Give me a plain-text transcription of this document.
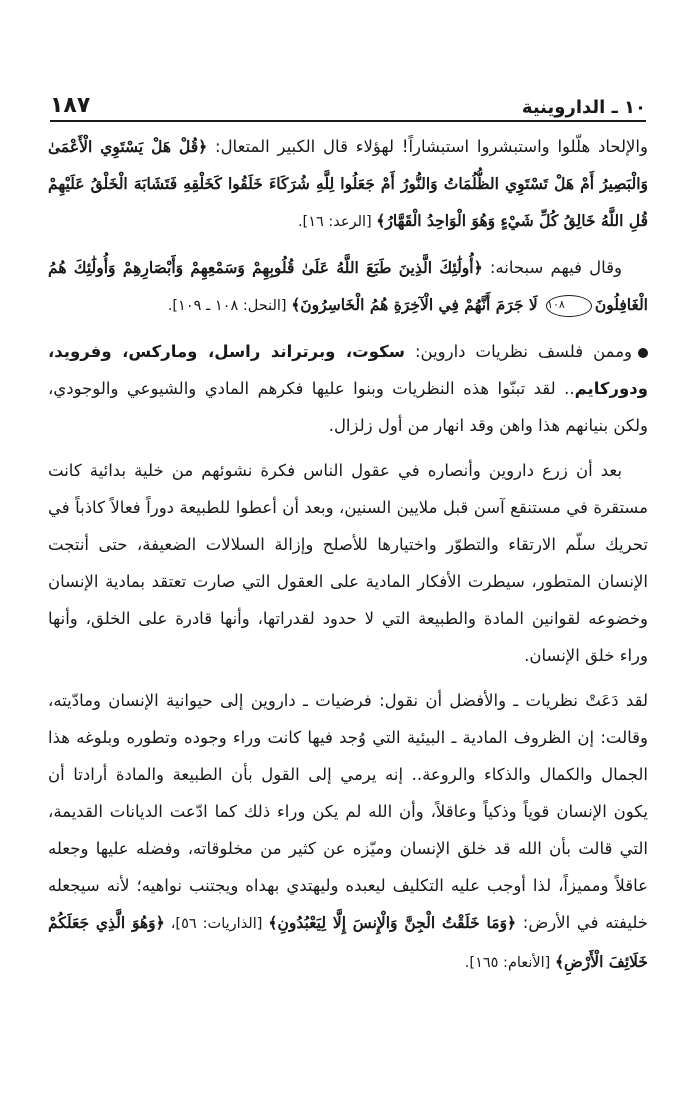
١٠ ـ الداروينية
١٨٧

والإلحاد هلّلوا واستبشروا استبشاراً! لهؤلاء قال الكبير المتعال: ﴿قُلْ هَلْ يَسْتَوِي الْأَعْمَىٰ وَالْبَصِيرُ أَمْ هَلْ تَسْتَوِي الظُّلُمَاتُ وَالنُّورُ أَمْ جَعَلُوا لِلَّهِ شُرَكَاءَ خَلَقُوا كَخَلْقِهِ فَتَشَابَهَ الْخَلْقُ عَلَيْهِمْ قُلِ اللَّهُ خَالِقُ كُلِّ شَيْءٍ وَهُوَ الْوَاحِدُ الْقَهَّارُ﴾ [الرعد: ١٦].

وقال فيهم سبحانه: ﴿أُولَٰئِكَ الَّذِينَ طَبَعَ اللَّهُ عَلَىٰ قُلُوبِهِمْ وَسَمْعِهِمْ وَأَبْصَارِهِمْ وَأُولَٰئِكَ هُمُ الْغَافِلُونَ١٠٨ لَا جَرَمَ أَنَّهُمْ فِي الْآخِرَةِ هُمُ الْخَاسِرُونَ﴾ [النحل: ١٠٨ ـ ١٠٩].

وممن فلسف نظريات داروين: سكوت، وبرتراند راسل، وماركس، وفرويد، ودوركايم.. لقد تبنّوا هذه النظريات وبنوا عليها فكرهم المادي والشيوعي والوجودي، ولكن بنيانهم هذا واهن وقد انهار من أول زلزال.

بعد أن زرع داروين وأنصاره في عقول الناس فكرة نشوئهم من خلية بدائية كانت مستقرة في مستنقع آسن قبل ملايين السنين، وبعد أن أعطوا للطبيعة دوراً فعالاً كاذباً في تحريك سلّم الارتقاء والتطوّر واختيارها للأصلح وإزالة السلالات الضعيفة، حتى أنتجت الإنسان المتطور، سيطرت الأفكار المادية على العقول التي صارت تعتقد بمادية الإنسان وخضوعه لقوانين المادة والطبيعة التي لا حدود لقدراتها، وأنها قادرة على الخلق، وأنها وراء خلق الإنسان.

لقد دَعَتْ نظريات ـ والأفضل أن نقول: فرضيات ـ داروين إلى حيوانية الإنسان ومادّيته، وقالت: إن الظروف المادية ـ البيئية التي وُجد فيها كانت وراء وجوده وتطوره وبلوغه هذا الجمال والكمال والذكاء والروعة.. إنه يرمي إلى القول بأن الطبيعة والمادة أرادتا أن يكون الإنسان قوياً وذكياً وعاقلاً، وأن الله لم يكن وراء ذلك كما ادّعت الديانات القديمة، التي قالت بأن الله قد خلق الإنسان وميّزه عن كثير من مخلوقاته، وفضله عليها وجعله عاقلاً ومميزاً، لذا أوجب عليه التكليف ليعبده وليهتدي بهداه ويجتنب نواهيه؛ لأنه سيجعله خليفته في الأرض: ﴿وَمَا خَلَقْتُ الْجِنَّ وَالْإِنسَ إِلَّا لِيَعْبُدُونِ﴾ [الذاريات: ٥٦]، ﴿وَهُوَ الَّذِي جَعَلَكُمْ خَلَائِفَ الْأَرْضِ﴾ [الأنعام: ١٦٥].
